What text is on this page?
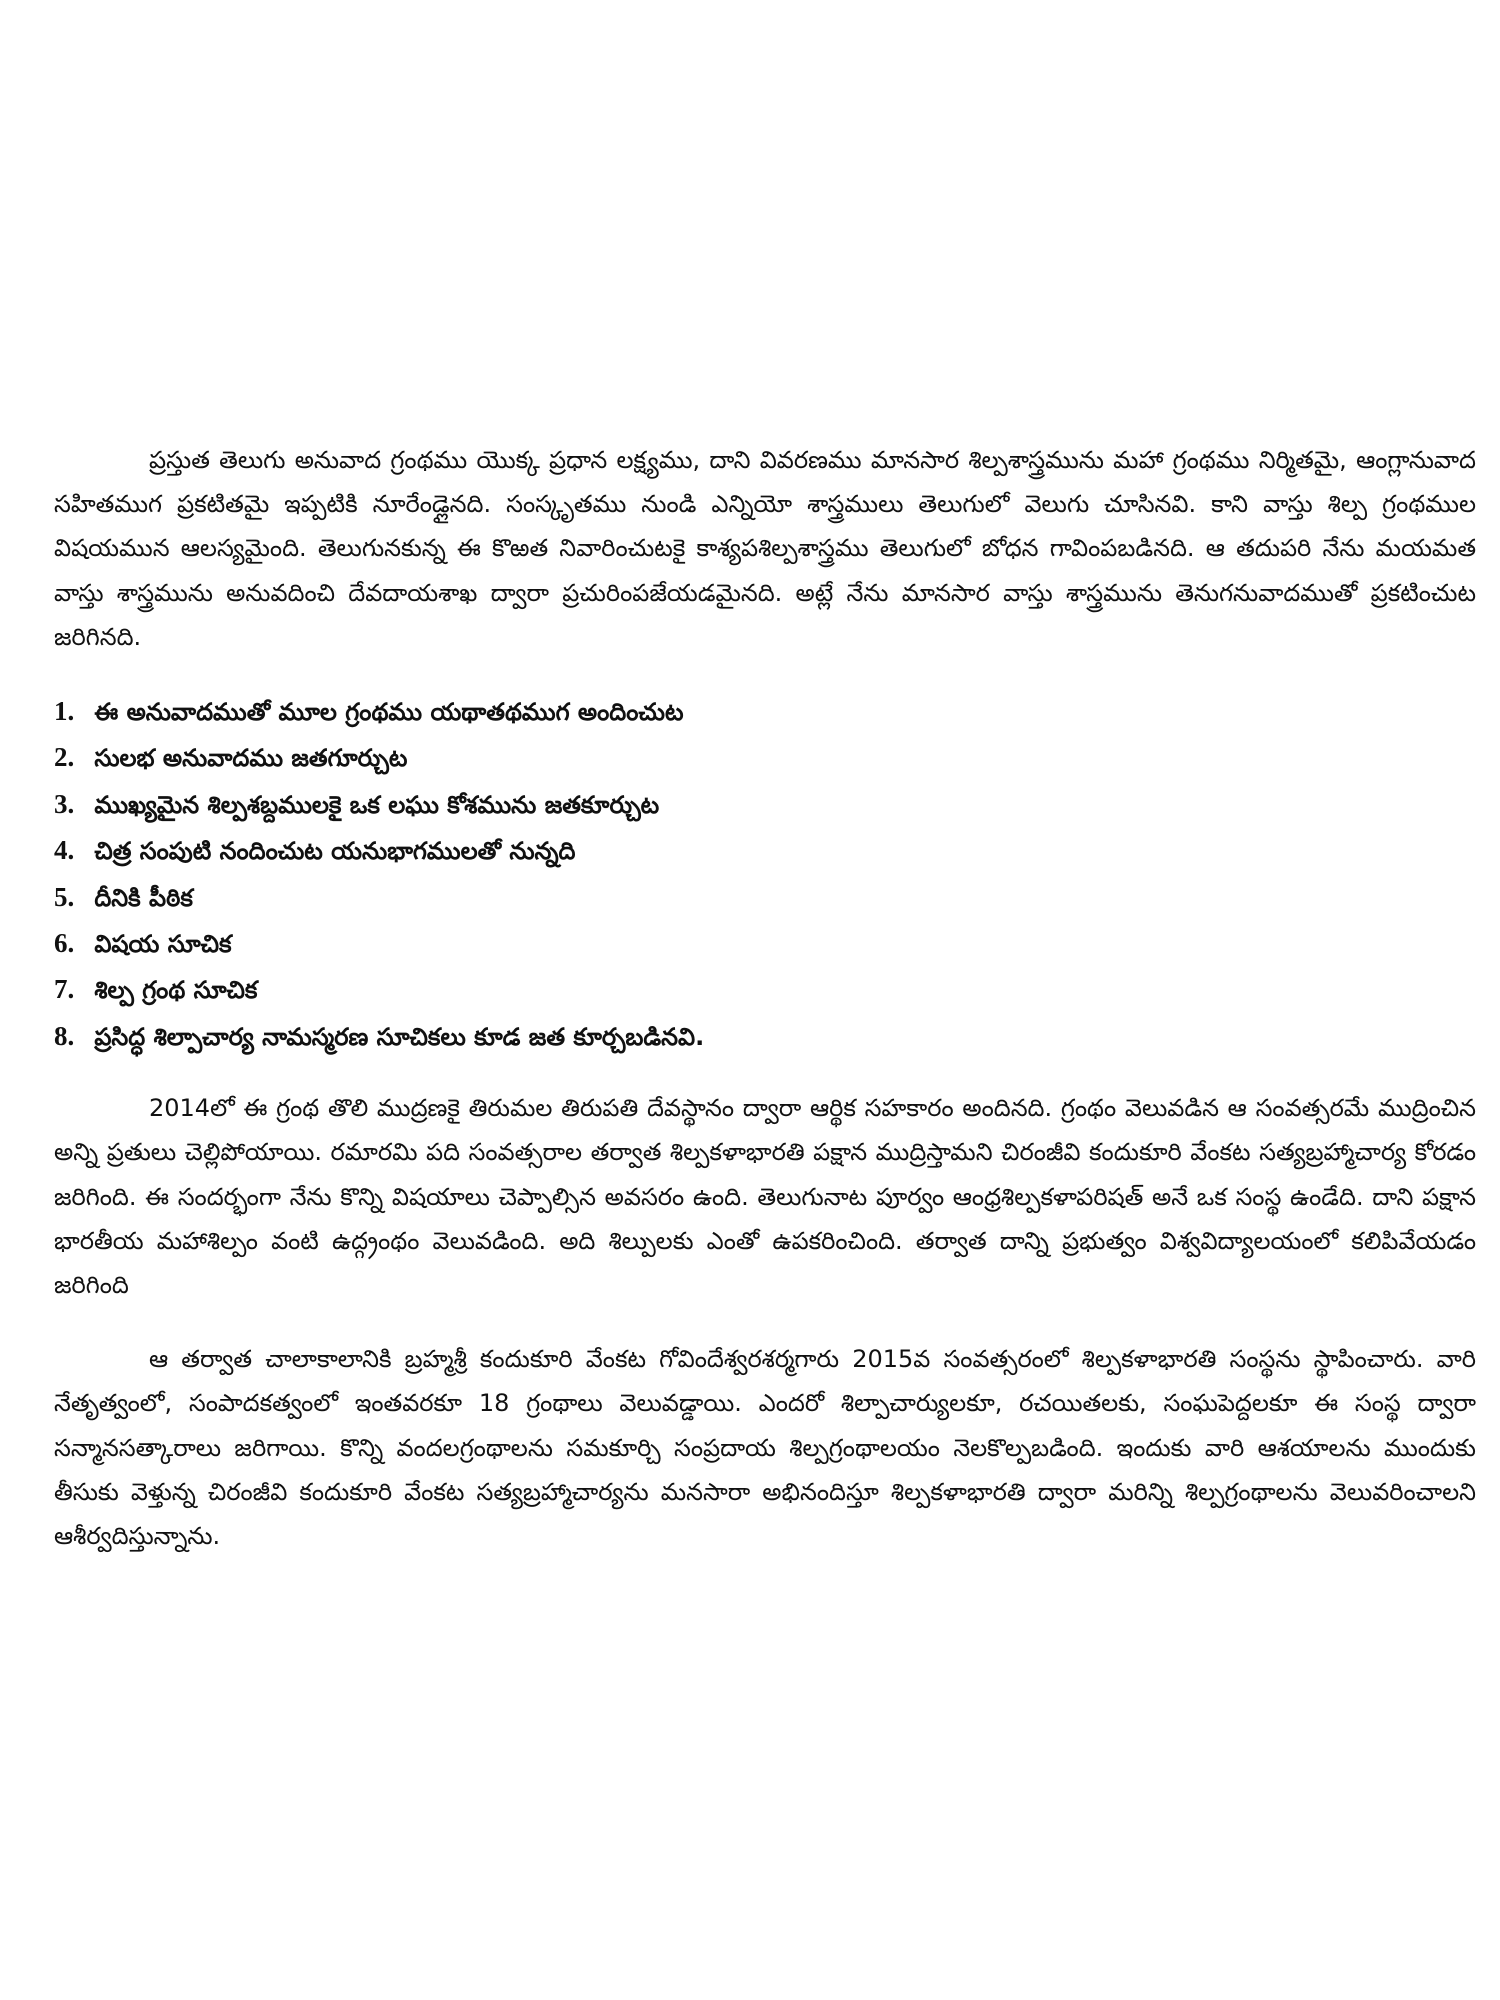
ప్రస్తుత తెలుగు అనువాద గ్రంథము యొక్క ప్రధాన లక్ష్యము, దాని వివరణము మానసార శిల్పశాస్త్రమును మహా గ్రంథము నిర్మితమై, ఆంగ్లానువాద సహితముగ ప్రకటితమై ఇప్పటికి నూరేండ్లైనది. సంస్కృతము నుండి ఎన్నియో శాస్త్రములు తెలుగులో వెలుగు చూసినవి. కాని వాస్తు శిల్ప గ్రంథముల విషయమున ఆలస్యమైంది. తెలుగునకున్న ఈ కొఱత నివారించుటకై కాశ్యపశిల్పశాస్త్రము తెలుగులో బోధన గావింపబడినది. ఆ తదుపరి నేను మయమత వాస్తు శాస్త్రమును అనువదించి దేవదాయశాఖ ద్వారా ప్రచురింపజేయడమైనది. అట్లే నేను మానసార వాస్తు శాస్త్రమును తెనుగనువాదముతో ప్రకటించుట జరిగినది.

1. ఈ అనువాదముతో మూల గ్రంథము యథాతథముగ అందించుట
2. సులభ అనువాదము జతగూర్చుట
3. ముఖ్యమైన శిల్పశబ్దములకై ఒక లఘు కోశమును జతకూర్చుట
4. చిత్ర సంపుటి నందించుట యనుభాగములతో నున్నది
5. దీనికి పీఠిక
6. విషయ సూచిక
7. శిల్ప గ్రంథ సూచిక
8. ప్రసిద్ధ శిల్పాచార్య నామస్మరణ సూచికలు కూడ జత కూర్చబడినవి.

2014లో ఈ గ్రంథ తొలి ముద్రణకై తిరుమల తిరుపతి దేవస్థానం ద్వారా ఆర్థిక సహకారం అందినది. గ్రంథం వెలువడిన ఆ సంవత్సరమే ముద్రించిన అన్ని ప్రతులు చెల్లిపోయాయి. రమారమి పది సంవత్సరాల తర్వాత శిల్పకళాభారతి పక్షాన ముద్రిస్తామని చిరంజీవి కందుకూరి వేంకట సత్యబ్రహ్మాచార్య కోరడం జరిగింది. ఈ సందర్భంగా నేను కొన్ని విషయాలు చెప్పాల్సిన అవసరం ఉంది. తెలుగునాట పూర్వం ఆంధ్రశిల్పకళాపరిషత్ అనే ఒక సంస్థ ఉండేది. దాని పక్షాన భారతీయ మహాశిల్పం వంటి ఉద్గ్రంథం వెలువడింది. అది శిల్పులకు ఎంతో ఉపకరించింది. తర్వాత దాన్ని ప్రభుత్వం విశ్వవిద్యాలయంలో కలిపివేయడం జరిగింది

ఆ తర్వాత చాలాకాలానికి బ్రహ్మశ్రీ కందుకూరి వేంకట గోవిందేశ్వరశర్మగారు 2015వ సంవత్సరంలో శిల్పకళాభారతి సంస్థను స్థాపించారు. వారి నేతృత్వంలో, సంపాదకత్వంలో ఇంతవరకూ 18 గ్రంథాలు వెలువడ్డాయి. ఎందరో శిల్పాచార్యులకూ, రచయితలకు, సంఘపెద్దలకూ ఈ సంస్థ ద్వారా సన్మానసత్కారాలు జరిగాయి. కొన్ని వందలగ్రంథాలను సమకూర్చి సంప్రదాయ శిల్పగ్రంథాలయం నెలకొల్పబడింది. ఇందుకు వారి ఆశయాలను ముందుకు తీసుకు వెళ్తున్న చిరంజీవి కందుకూరి వేంకట సత్యబ్రహ్మాచార్యను మనసారా అభినందిస్తూ శిల్పకళాభారతి ద్వారా మరిన్ని శిల్పగ్రంథాలను వెలువరించాలని ఆశీర్వదిస్తున్నాను.
